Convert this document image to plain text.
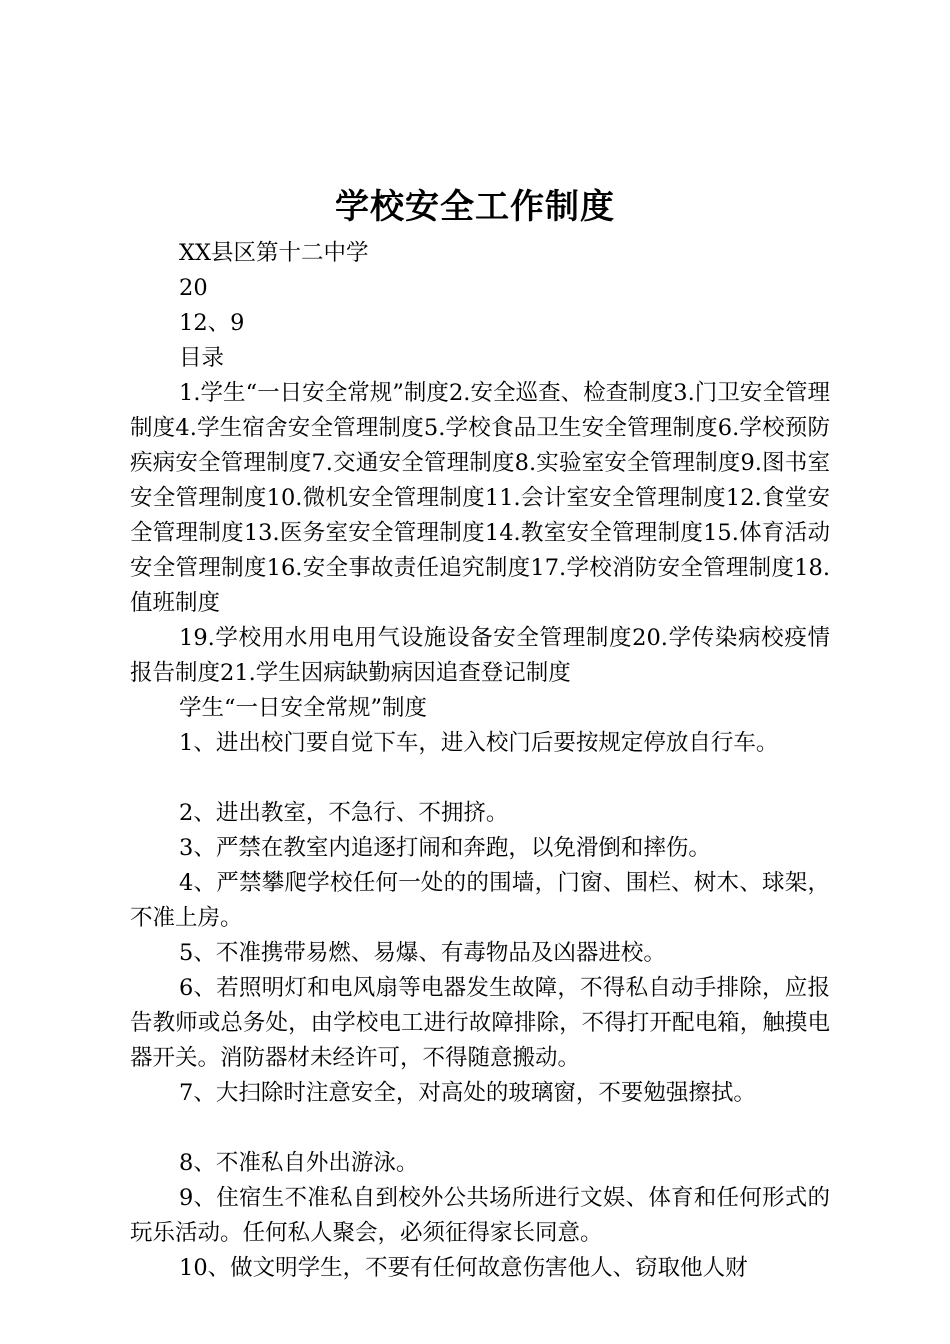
学校安全工作制度

XX县区第十二中学

20

12、9

目录

1.学生“一日安全常规”制度2.安全巡查、检查制度3.门卫安全管理制度4.学生宿舍安全管理制度5.学校食品卫生安全管理制度6.学校预防疾病安全管理制度7.交通安全管理制度8.实验室安全管理制度9.图书室安全管理制度10.微机安全管理制度11.会计室安全管理制度12.食堂安全管理制度13.医务室安全管理制度14.教室安全管理制度15.体育活动安全管理制度16.安全事故责任追究制度17.学校消防安全管理制度18.值班制度

19.学校用水用电用气设施设备安全管理制度20.学传染病校疫情报告制度21.学生因病缺勤病因追查登记制度

学生“一日安全常规”制度

1、进出校门要自觉下车，进入校门后要按规定停放自行车。

2、进出教室，不急行、不拥挤。

3、严禁在教室内追逐打闹和奔跑，以免滑倒和摔伤。

4、严禁攀爬学校任何一处的的围墙，门窗、围栏、树木、球架，不准上房。

5、不准携带易燃、易爆、有毒物品及凶器进校。

6、若照明灯和电风扇等电器发生故障，不得私自动手排除，应报告教师或总务处，由学校电工进行故障排除，不得打开配电箱，触摸电器开关。消防器材未经许可，不得随意搬动。

7、大扫除时注意安全，对高处的玻璃窗，不要勉强擦拭。

8、不准私自外出游泳。

9、住宿生不准私自到校外公共场所进行文娱、体育和任何形式的玩乐活动。任何私人聚会，必须征得家长同意。

10、做文明学生，不要有任何故意伤害他人、窃取他人财
